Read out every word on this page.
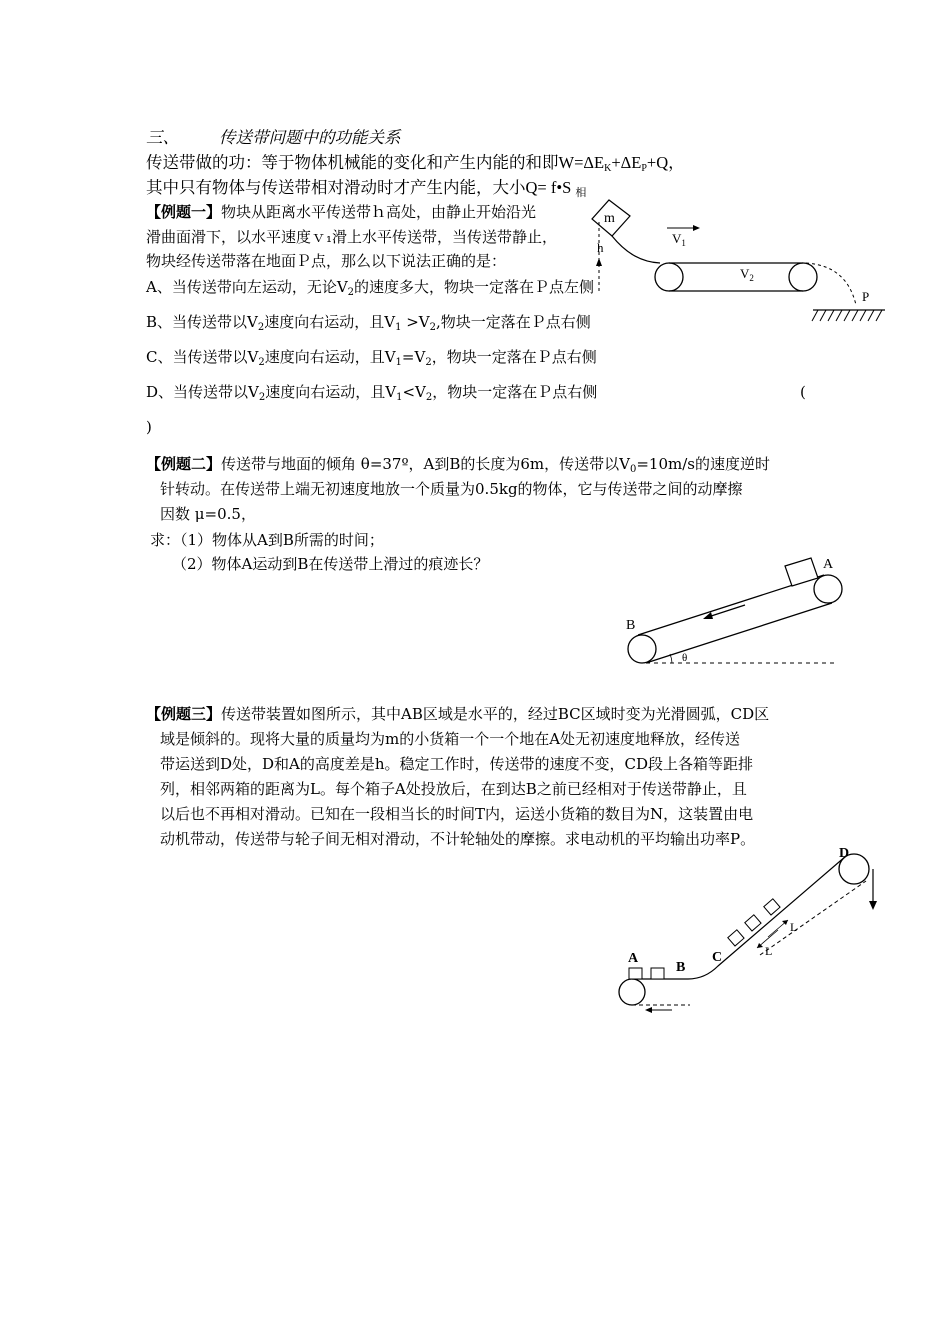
三、 传送带问题中的功能关系
传送带做的功：等于物体机械能的变化和产生内能的和即$W=\Delta E_K+\Delta E_P+Q$，
其中只有物体与传送带相对滑动时才产生内能，大小Q= f•S $_相$
【例题一】物块从距离水平传送带ｈ高处，由静止开始沿光
滑曲面滑下，以水平速度ｖ₁滑上水平传送带，当传送带静止，
物块经传送带落在地面Ｐ点，那么以下说法正确的是：
A、当传送带向左运动，无论$V_2$的速度多大，物块一定落在Ｐ点左侧
B、当传送带以$V_2$速度向右运动，且$V_1 >V_2$,物块一定落在Ｐ点右侧
C、当传送带以$V_2$速度向右运动，且$V_1=V_2$，物块一定落在Ｐ点右侧
D、当传送带以$V_2$速度向右运动，且$V_1<V_2$，物块一定落在Ｐ点右侧	(
)
m
h
$V_1$
$V_2$
P
【例题二】传送带与地面的倾角 θ=37º，A到B的长度为6m，传送带以$V_0=10m/s$的速度逆时
针转动。在传送带上端无初速度地放一个质量为0.5kg的物体，它与传送带之间的动摩擦
因数 μ=0.5，
求：（1）物体从A到B所需的时间；
（2）物体A运动到B在传送带上滑过的痕迹长？
θ
B
A
【例题三】传送带装置如图所示，其中AB区域是水平的，经过BC区域时变为光滑圆弧，CD区
域是倾斜的。现将大量的质量均为m的小货箱一个一个地在A处无初速度地释放，经传送
带运送到D处，D和A的高度差是h。稳定工作时，传送带的速度不变，CD段上各箱等距排
列，相邻两箱的距离为L。每个箱子A处投放后，在到达B之前已经相对于传送带静止，且
以后也不再相对滑动。已知在一段相当长的时间T内，运送小货箱的数目为N，这装置由电
动机带动，传送带与轮子间无相对滑动，不计轮轴处的摩擦。求电动机的平均输出功率P。
A
B
C
D
L
L
